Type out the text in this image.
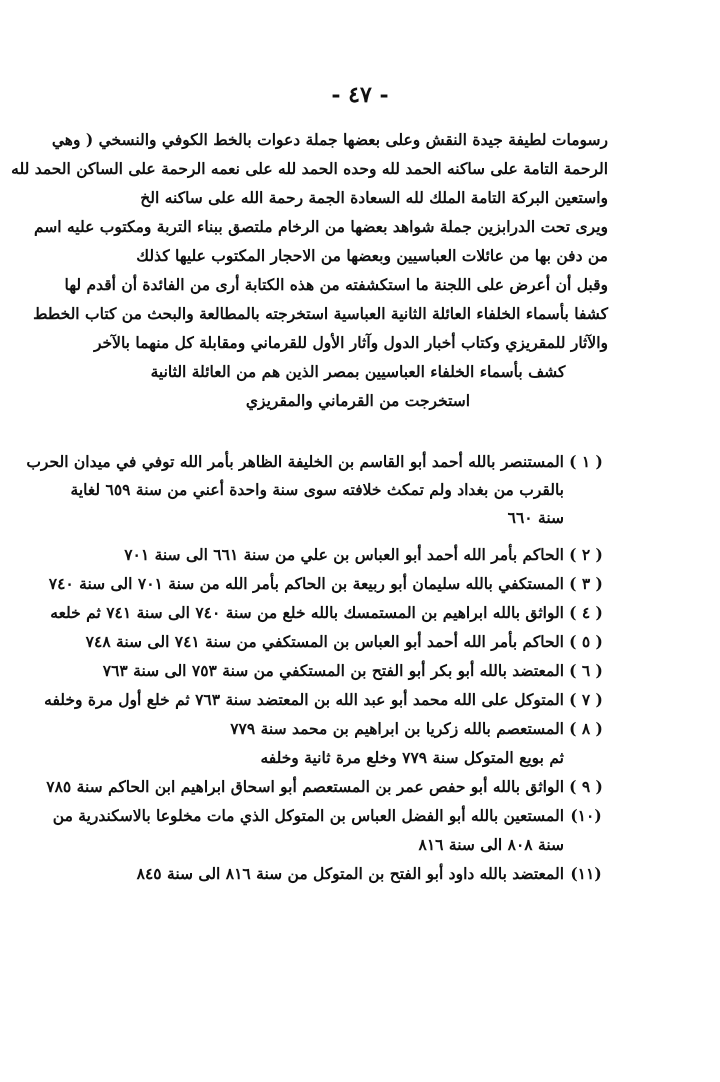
- ٤٧ -
رسومات لطيفة جيدة النقش وعلى بعضها جملة دعوات بالخط الكوفي والنسخي ( وهي
الرحمة التامة على ساكنه الحمد لله وحده الحمد لله على نعمه الرحمة على الساكن الحمد لله
واستعين البركة التامة الملك لله السعادة الجمة رحمة الله على ساكنه الخ
ويرى تحت الدرابزين جملة شواهد بعضها من الرخام ملتصق ببناء التربة ومكتوب عليه اسم
من دفن بها من عائلات العباسيين وبعضها من الاحجار المكتوب عليها كذلك
وقبل أن أعرض على اللجنة ما استكشفته من هذه الكتابة أرى من الفائدة أن أقدم لها
كشفا بأسماء الخلفاء العائلة الثانية العباسية استخرجته بالمطالعة والبحث من كتاب الخطط
والآثار للمقريزي وكتاب أخبار الدول وآثار الأول للقرماني ومقابلة كل منهما بالآخر
كشف بأسماء الخلفاء العباسيين بمصر الذين هم من العائلة الثانية
استخرجت من القرماني والمقريزي
( ١ )
المستنصر بالله أحمد أبو القاسم بن الخليفة الظاهر بأمر الله توفي في ميدان الحرب
بالقرب من بغداد ولم تمكث خلافته سوى سنة واحدة أعني من سنة ٦٥٩ لغاية
سنة ٦٦٠
( ٢ )
الحاكم بأمر الله أحمد أبو العباس بن علي من سنة ٦٦١ الى سنة ٧٠١
( ٣ )
المستكفي بالله سليمان أبو ربيعة بن الحاكم بأمر الله من سنة ٧٠١ الى سنة ٧٤٠
( ٤ )
الواثق بالله ابراهيم بن المستمسك بالله خلع من سنة ٧٤٠ الى سنة ٧٤١ ثم خلعه
( ٥ )
الحاكم بأمر الله أحمد أبو العباس بن المستكفي من سنة ٧٤١ الى سنة ٧٤٨
( ٦ )
المعتضد بالله أبو بكر أبو الفتح بن المستكفي من سنة ٧٥٣ الى سنة ٧٦٣
( ٧ )
المتوكل على الله محمد أبو عبد الله بن المعتضد سنة ٧٦٣ ثم خلع أول مرة وخلفه
( ٨ )
المستعصم بالله زكريا بن ابراهيم بن محمد سنة ٧٧٩
ثم بويع المتوكل سنة ٧٧٩ وخلع مرة ثانية وخلفه
( ٩ )
الواثق بالله أبو حفص عمر بن المستعصم أبو اسحاق ابراهيم ابن الحاكم سنة ٧٨٥
(١٠)
المستعين بالله أبو الفضل العباس بن المتوكل الذي مات مخلوعا بالاسكندرية من
سنة ٨٠٨ الى سنة ٨١٦
(١١)
المعتضد بالله داود أبو الفتح بن المتوكل من سنة ٨١٦ الى سنة ٨٤٥
